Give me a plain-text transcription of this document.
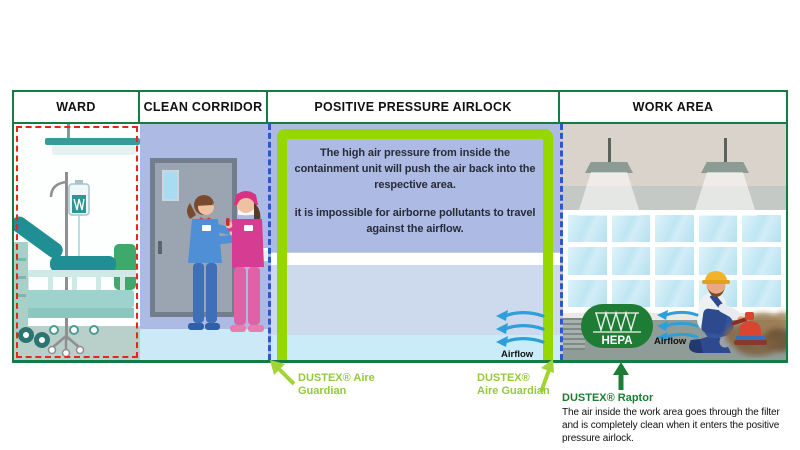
WARD	CLEAN CORRIDOR	POSITIVE PRESSURE AIRLOCK	WORK AREA

The high air pressure from inside the containment unit will push the air back into the respective area.

it is impossible for airborne pollutants to travel against the airflow.

Airflow
HEPA Airflow
DUSTEX® Aire
Guardian
DUSTEX®
Aire Guardian
DUSTEX® Raptor
The air inside the work area goes through the filter and is completely clean when it enters the positive pressure airlock.
